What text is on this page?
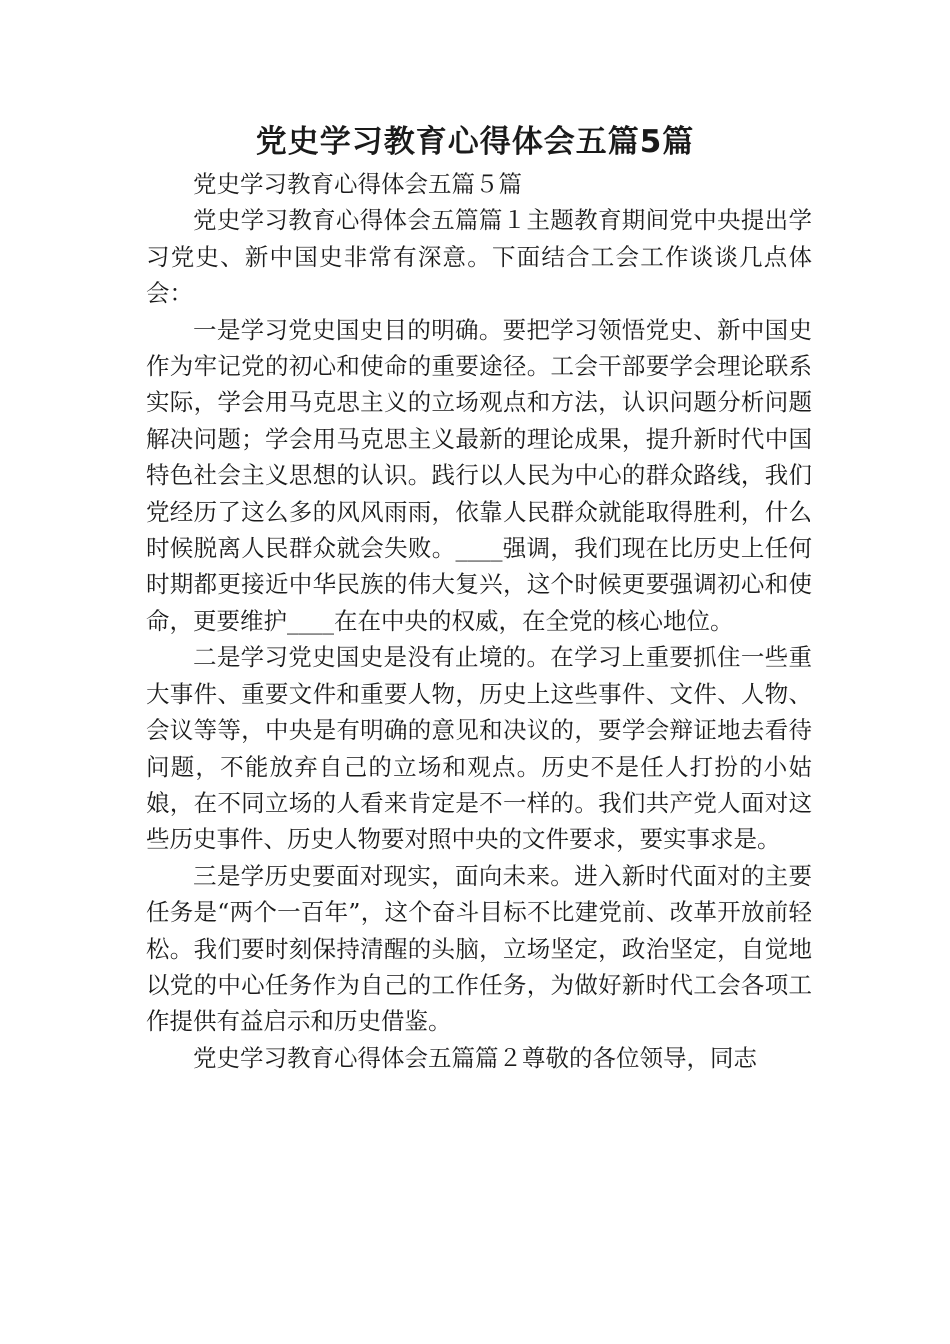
党史学习教育心得体会五篇5篇

党史学习教育心得体会五篇５篇

党史学习教育心得体会五篇篇１主题教育期间党中央提出学习党史、新中国史非常有深意。下面结合工会工作谈谈几点体会：

一是学习党史国史目的明确。要把学习领悟党史、新中国史作为牢记党的初心和使命的重要途径。工会干部要学会理论联系实际，学会用马克思主义的立场观点和方法，认识问题分析问题解决问题；学会用马克思主义最新的理论成果，提升新时代中国特色社会主义思想的认识。践行以人民为中心的群众路线，我们党经历了这么多的风风雨雨，依靠人民群众就能取得胜利，什么时候脱离人民群众就会失败。____强调，我们现在比历史上任何时期都更接近中华民族的伟大复兴，这个时候更要强调初心和使命，更要维护____在在中央的权威，在全党的核心地位。

二是学习党史国史是没有止境的。在学习上重要抓住一些重大事件、重要文件和重要人物，历史上这些事件、文件、人物、会议等等，中央是有明确的意见和决议的，要学会辩证地去看待问题，不能放弃自己的立场和观点。历史不是任人打扮的小姑娘，在不同立场的人看来肯定是不一样的。我们共产党人面对这些历史事件、历史人物要对照中央的文件要求，要实事求是。

三是学历史要面对现实，面向未来。进入新时代面对的主要任务是“两个一百年”，这个奋斗目标不比建党前、改革开放前轻松。我们要时刻保持清醒的头脑，立场坚定，政治坚定，自觉地以党的中心任务作为自己的工作任务，为做好新时代工会各项工作提供有益启示和历史借鉴。

党史学习教育心得体会五篇篇２尊敬的各位领导，同志
